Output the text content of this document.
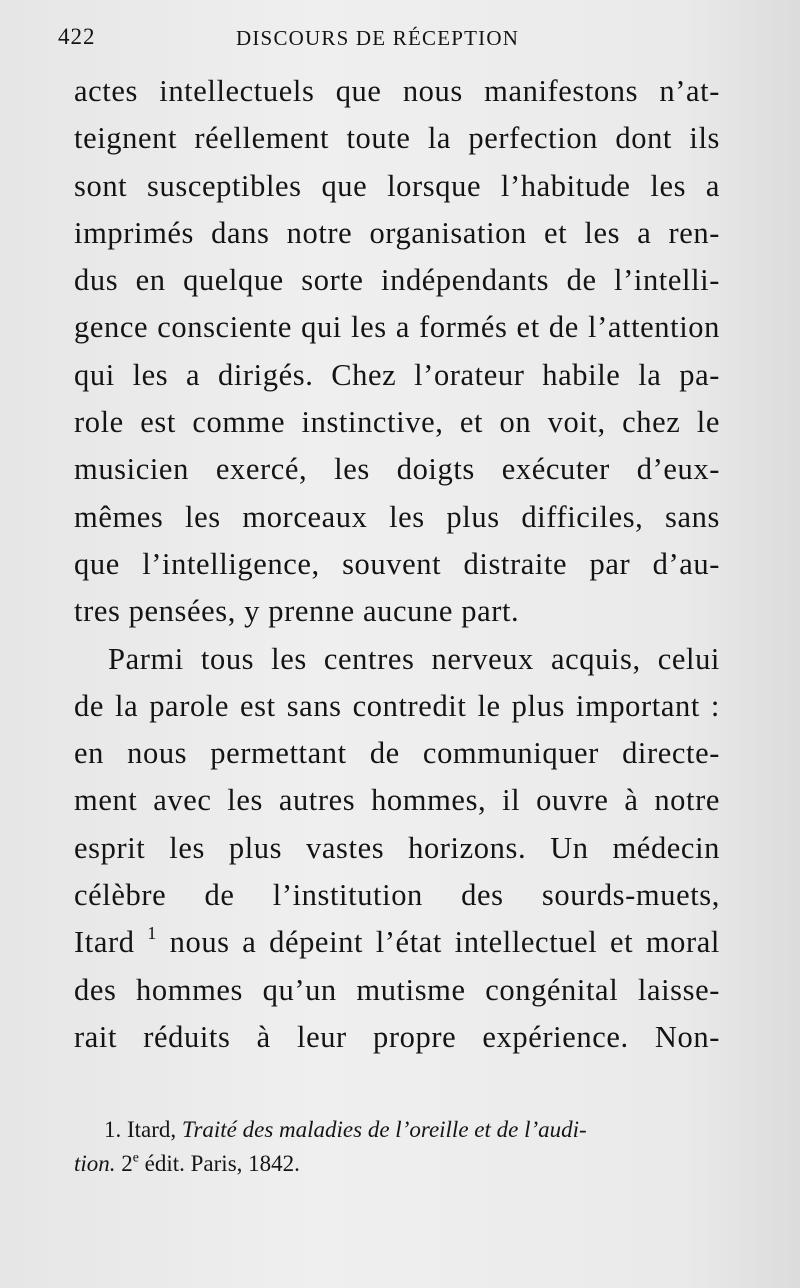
422	DISCOURS DE RÉCEPTION
actes intellectuels que nous manifestons n’at-
teignent réellement toute la perfection dont ils
sont susceptibles que lorsque l’habitude les a
imprimés dans notre organisation et les a ren-
dus en quelque sorte indépendants de l’intelli-
gence consciente qui les a formés et de l’attention
qui les a dirigés. Chez l’orateur habile la pa-
role est comme instinctive, et on voit, chez le
musicien exercé, les doigts exécuter d’eux-
mêmes les morceaux les plus difficiles, sans
que l’intelligence, souvent distraite par d’au-
tres pensées, y prenne aucune part.
Parmi tous les centres nerveux acquis, celui
de la parole est sans contredit le plus important :
en nous permettant de communiquer directe-
ment avec les autres hommes, il ouvre à notre
esprit les plus vastes horizons. Un médecin
célèbre de l’institution des sourds-muets,
Itard $^1$ nous a dépeint l’état intellectuel et moral
des hommes qu’un mutisme congénital laisse-
rait réduits à leur propre expérience. Non-
1. Itard, Traité des maladies de l’oreille et de l’audi-
tion. 2e édit. Paris, 1842.
